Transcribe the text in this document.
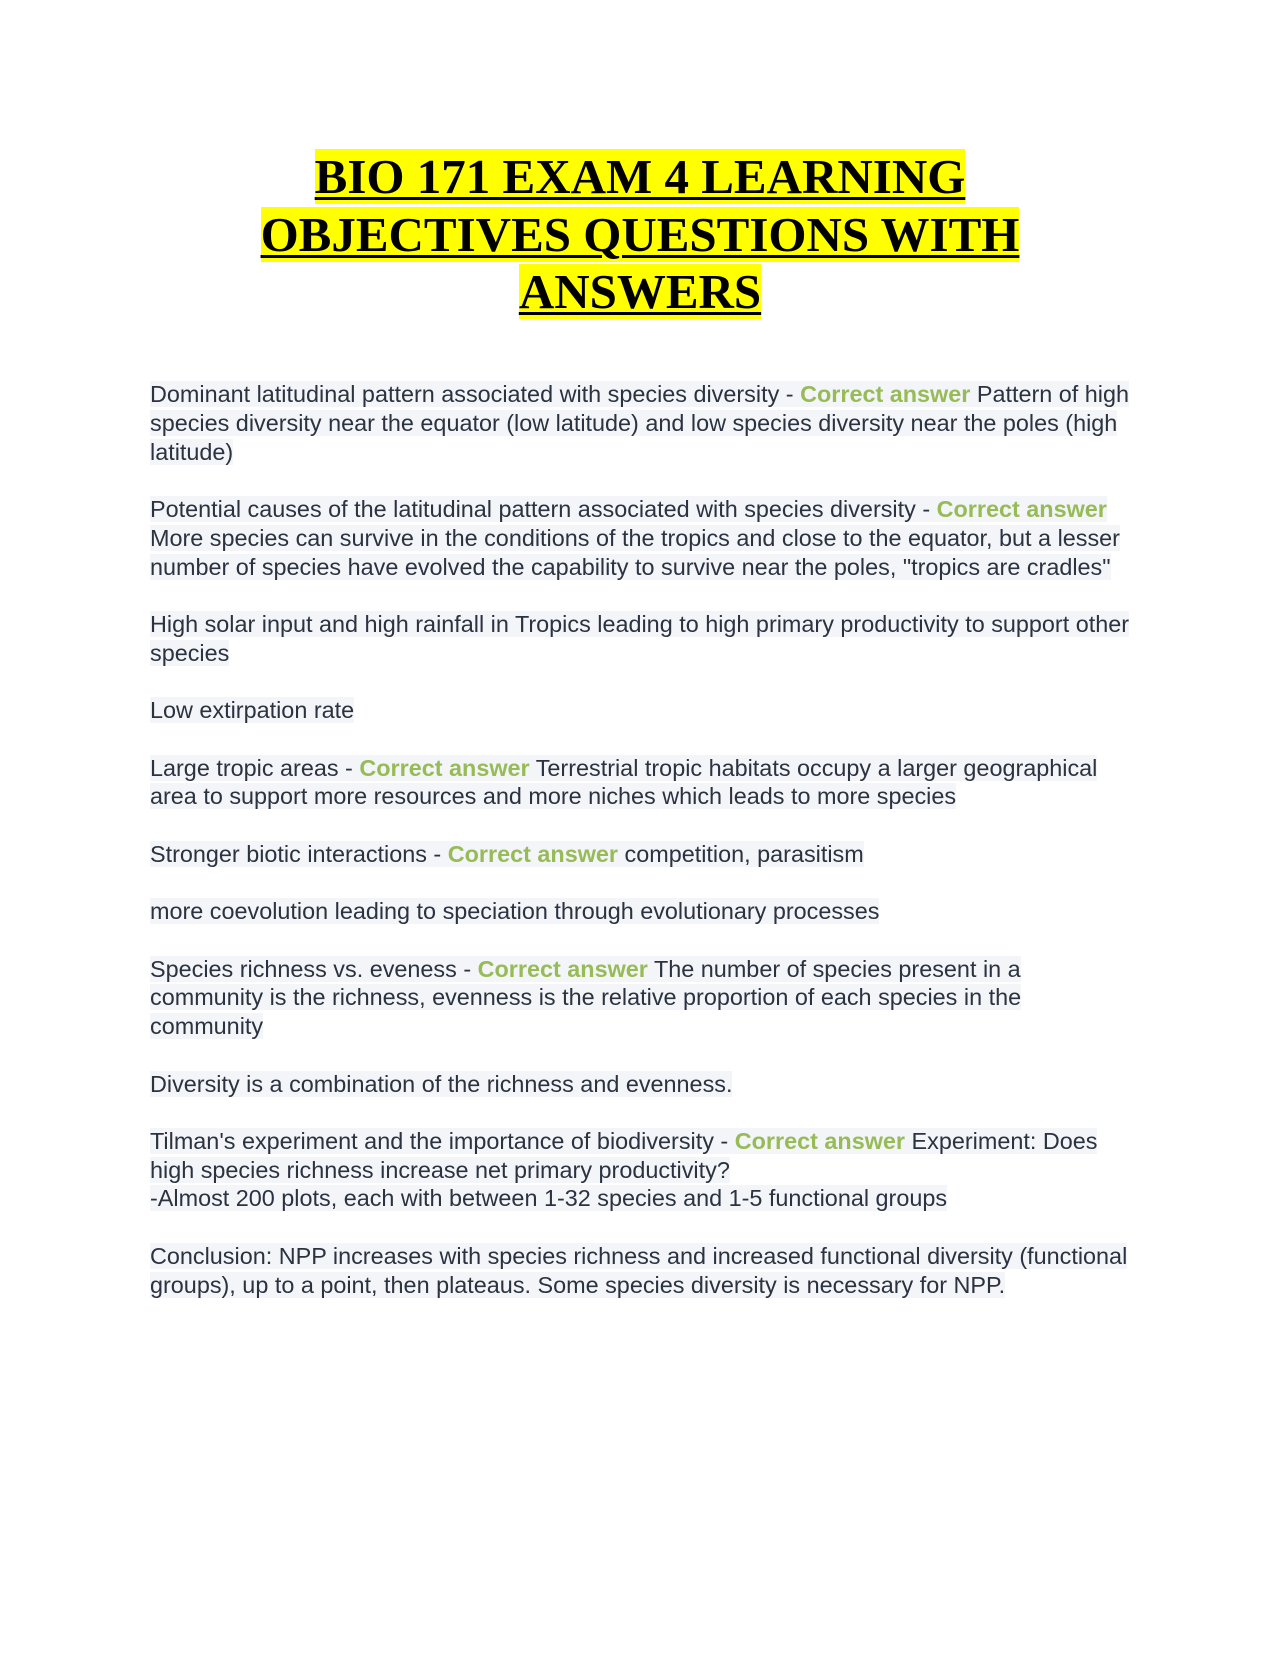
BIO 171 EXAM 4 LEARNING
OBJECTIVES QUESTIONS WITH
ANSWERS

Dominant latitudinal pattern associated with species diversity - Correct answer Pattern of high species diversity near the equator (low latitude) and low species diversity near the poles (high latitude)

Potential causes of the latitudinal pattern associated with species diversity - Correct answer More species can survive in the conditions of the tropics and close to the equator, but a lesser number of species have evolved the capability to survive near the poles, "tropics are cradles"

High solar input and high rainfall in Tropics leading to high primary productivity to support other species

Low extirpation rate

Large tropic areas - Correct answer Terrestrial tropic habitats occupy a larger geographical area to support more resources and more niches which leads to more species

Stronger biotic interactions - Correct answer competition, parasitism

more coevolution leading to speciation through evolutionary processes

Species richness vs. eveness - Correct answer The number of species present in a community is the richness, evenness is the relative proportion of each species in the community

Diversity is a combination of the richness and evenness.

Tilman's experiment and the importance of biodiversity - Correct answer Experiment: Does high species richness increase net primary productivity?
-Almost 200 plots, each with between 1-32 species and 1-5 functional groups

Conclusion: NPP increases with species richness and increased functional diversity (functional groups), up to a point, then plateaus. Some species diversity is necessary for NPP.
